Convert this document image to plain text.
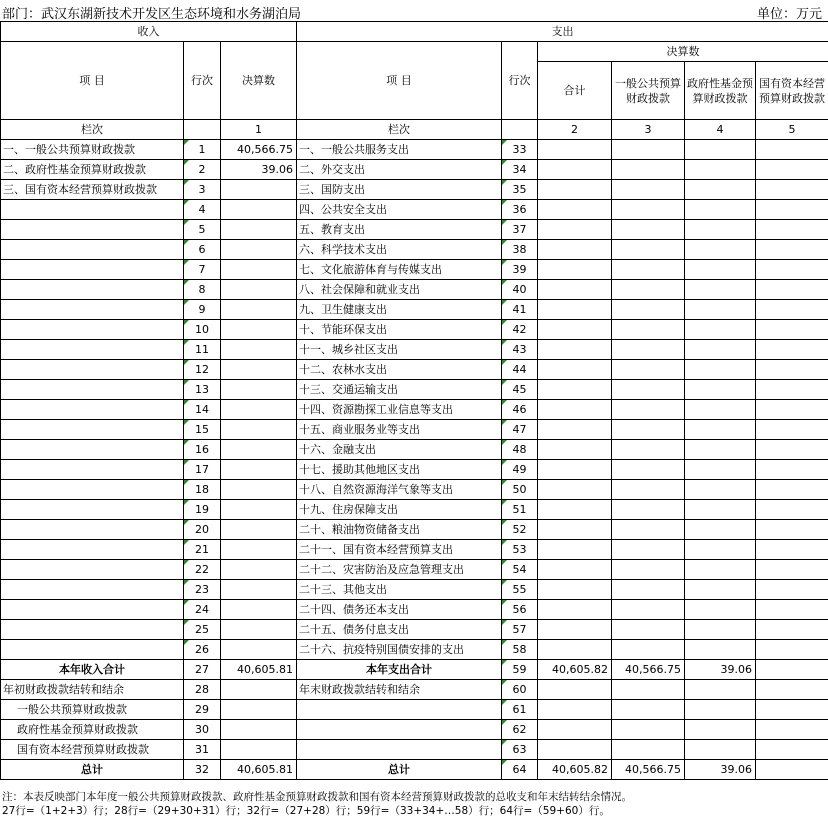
部门：武汉东湖新技术开发区生态环境和水务湖泊局	单位：万元
收入			支出					
项 目	行次	决算数	项 目	行次	决算数			
					合计	一般公共预算财政拨款	政府性基金预算财政拨款	国有资本经营预算财政拨款
栏次		1	栏次		2	3	4	5
一、一般公共预算财政拨款	1	40,566.75	一、一般公共服务支出	33				
二、政府性基金预算财政拨款	2	39.06	二、外交支出	34				
三、国有资本经营预算财政拨款	3		三、国防支出	35				
	4		四、公共安全支出	36				
	5		五、教育支出	37				
	6		六、科学技术支出	38				
	7		七、文化旅游体育与传媒支出	39				
	8		八、社会保障和就业支出	40				
	9		九、卫生健康支出	41				
	10		十、节能环保支出	42				
	11		十一、城乡社区支出	43				
	12		十二、农林水支出	44				
	13		十三、交通运输支出	45				
	14		十四、资源勘探工业信息等支出	46				
	15		十五、商业服务业等支出	47				
	16		十六、金融支出	48				
	17		十七、援助其他地区支出	49				
	18		十八、自然资源海洋气象等支出	50				
	19		十九、住房保障支出	51				
	20		二十、粮油物资储备支出	52				
	21		二十一、国有资本经营预算支出	53				
	22		二十二、灾害防治及应急管理支出	54				
	23		二十三、其他支出	55				
	24		二十四、债务还本支出	56				
	25		二十五、债务付息支出	57				
	26		二十六、抗疫特别国债安排的支出	58				
本年收入合计	27	40,605.81	本年支出合计	59	40,605.82	40,566.75	39.06	
年初财政拨款结转和结余	28		年末财政拨款结转和结余	60				
一般公共预算财政拨款	29			61				
政府性基金预算财政拨款	30			62				
国有资本经营预算财政拨款	31			63				
总计	32	40,605.81	总计	64	40,605.82	40,566.75	39.06	
注：本表反映部门本年度一般公共预算财政拨款、政府性基金预算财政拨款和国有资本经营预算财政拨款的总收支和年末结转结余情况。
27行=（1+2+3）行；28行=（29+30+31）行；32行=（27+28）行；59行=（33+34+…58）行；64行=（59+60）行。
